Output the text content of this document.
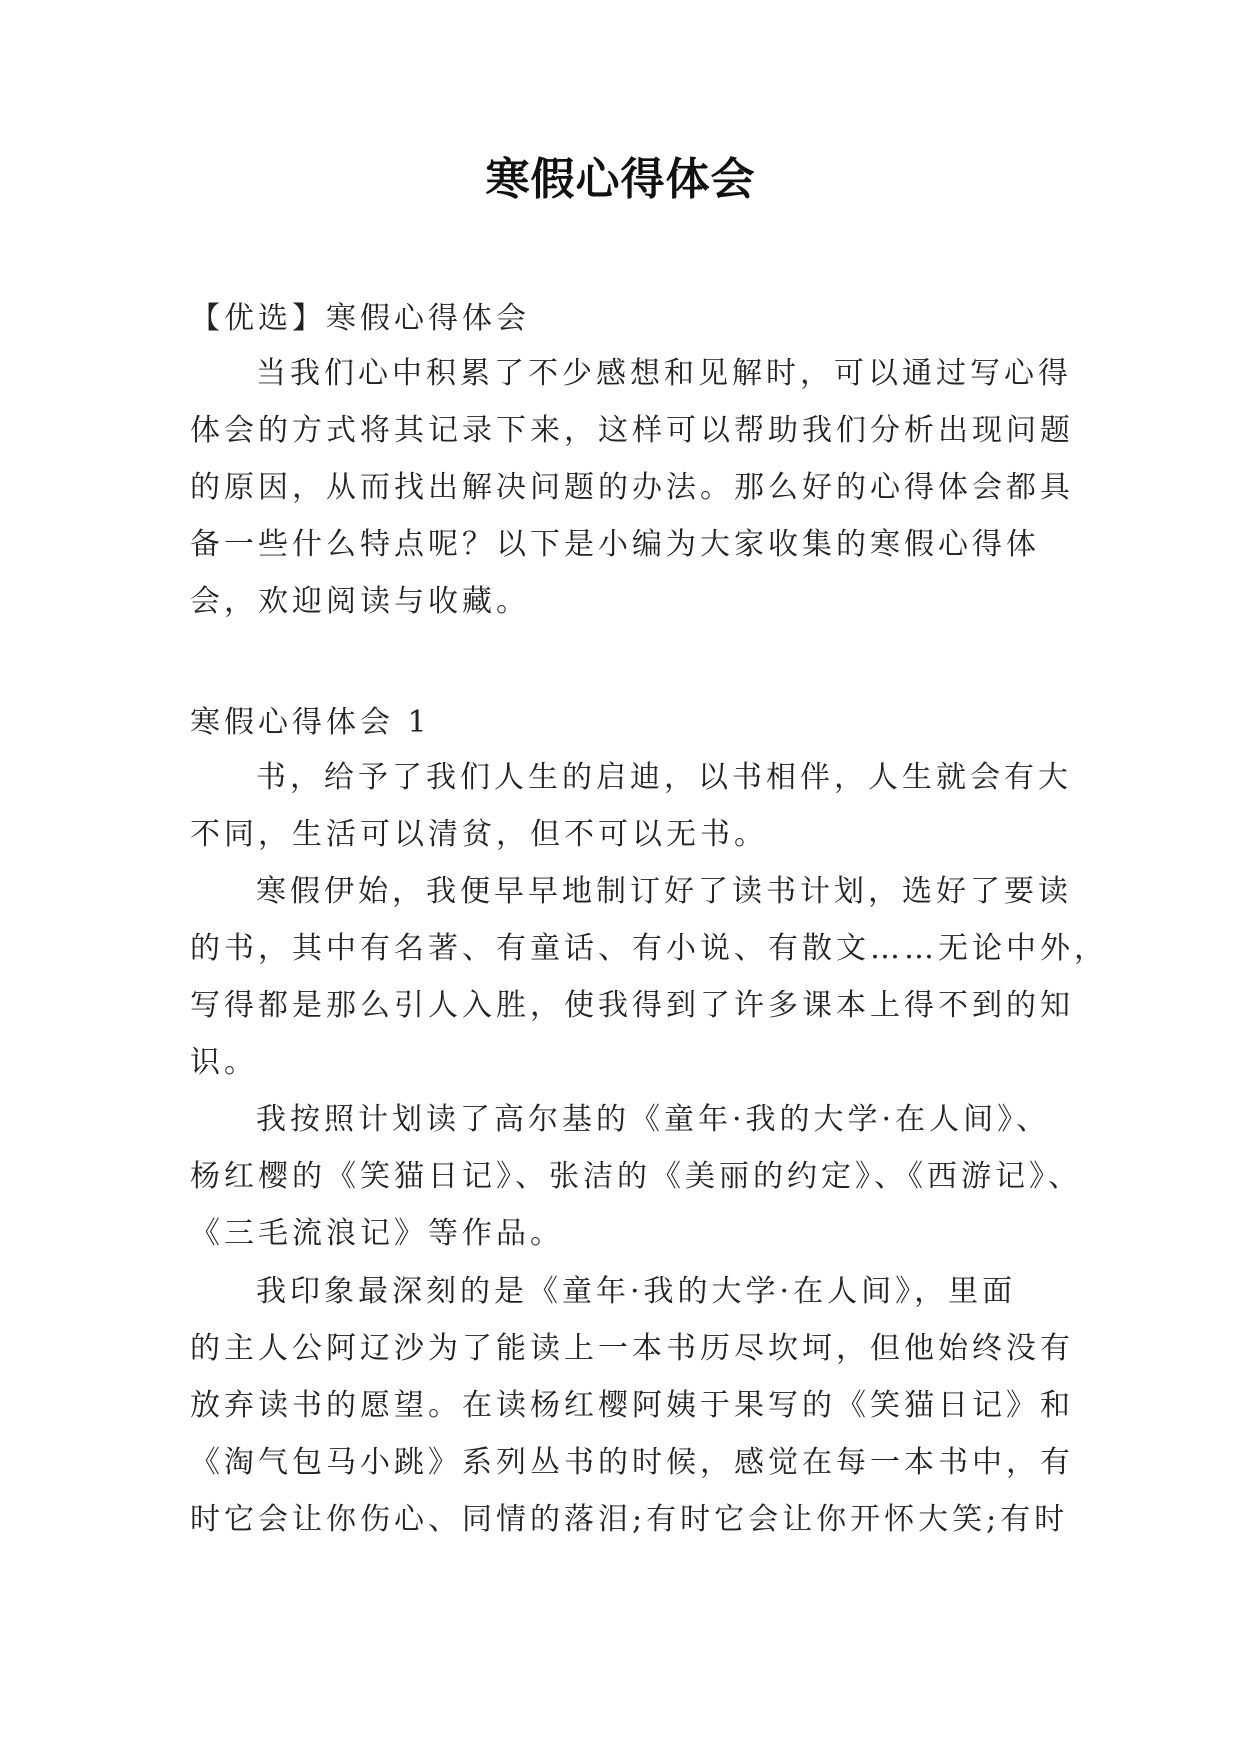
寒假心得体会
【优选】寒假心得体会
当我们心中积累了不少感想和见解时，可以通过写心得
体会的方式将其记录下来，这样可以帮助我们分析出现问题
的原因，从而找出解决问题的办法。那么好的心得体会都具
备一些什么特点呢？以下是小编为大家收集的寒假心得体
会，欢迎阅读与收藏。
寒假心得体会 1
书，给予了我们人生的启迪，以书相伴，人生就会有大
不同，生活可以清贫，但不可以无书。
寒假伊始，我便早早地制订好了读书计划，选好了要读
的书，其中有名著、有童话、有小说、有散文……无论中外，
写得都是那么引人入胜，使我得到了许多课本上得不到的知
识。
我按照计划读了高尔基的《童年·我的大学·在人间》、
杨红樱的《笑猫日记》、张洁的《美丽的约定》、《西游记》、
《三毛流浪记》等作品。
我印象最深刻的是《童年·我的大学·在人间》，里面
的主人公阿辽沙为了能读上一本书历尽坎坷，但他始终没有
放弃读书的愿望。在读杨红樱阿姨于果写的《笑猫日记》和
《淘气包马小跳》系列丛书的时候，感觉在每一本书中，有
时它会让你伤心、同情的落泪;有时它会让你开怀大笑;有时
